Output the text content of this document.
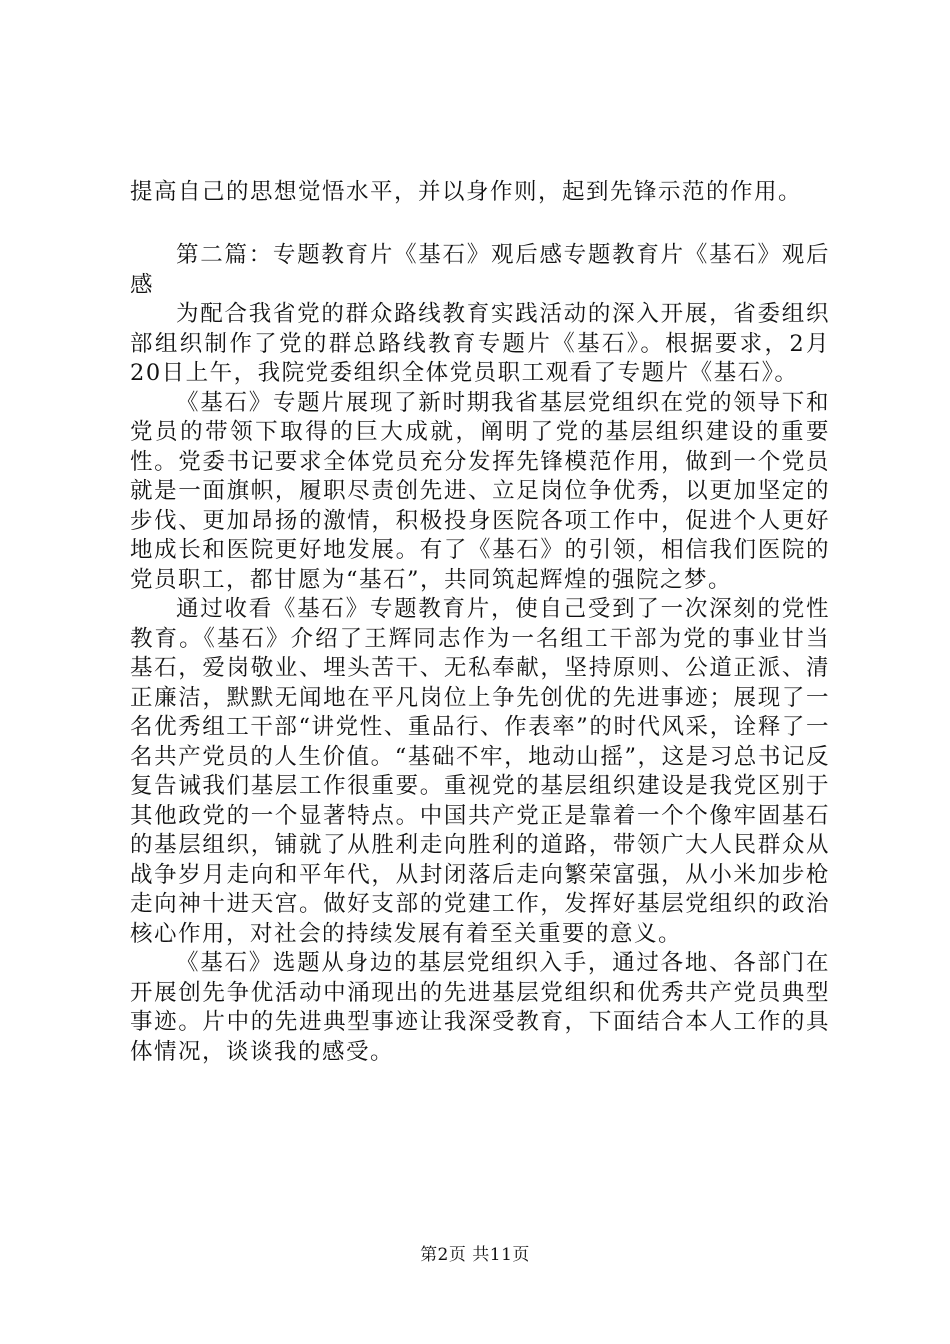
提高自己的思想觉悟水平，并以身作则，起到先锋示范的作用。

第二篇：专题教育片《基石》观后感专题教育片《基石》观后感

为配合我省党的群众路线教育实践活动的深入开展，省委组织部组织制作了党的群总路线教育专题片《基石》。根据要求，2月20日上午，我院党委组织全体党员职工观看了专题片《基石》。

《基石》专题片展现了新时期我省基层党组织在党的领导下和党员的带领下取得的巨大成就，阐明了党的基层组织建设的重要性。党委书记要求全体党员充分发挥先锋模范作用，做到一个党员就是一面旗帜，履职尽责创先进、立足岗位争优秀，以更加坚定的步伐、更加昂扬的激情，积极投身医院各项工作中，促进个人更好地成长和医院更好地发展。有了《基石》的引领，相信我们医院的党员职工，都甘愿为“基石”，共同筑起辉煌的强院之梦。

通过收看《基石》专题教育片，使自己受到了一次深刻的党性教育。《基石》介绍了王辉同志作为一名组工干部为党的事业甘当基石，爱岗敬业、埋头苦干、无私奉献，坚持原则、公道正派、清正廉洁，默默无闻地在平凡岗位上争先创优的先进事迹；展现了一名优秀组工干部“讲党性、重品行、作表率”的时代风采，诠释了一名共产党员的人生价值。“基础不牢，地动山摇”，这是习总书记反复告诫我们基层工作很重要。重视党的基层组织建设是我党区别于其他政党的一个显著特点。中国共产党正是靠着一个个像牢固基石的基层组织，铺就了从胜利走向胜利的道路，带领广大人民群众从战争岁月走向和平年代，从封闭落后走向繁荣富强，从小米加步枪走向神十进天宫。做好支部的党建工作，发挥好基层党组织的政治核心作用，对社会的持续发展有着至关重要的意义。

《基石》选题从身边的基层党组织入手，通过各地、各部门在开展创先争优活动中涌现出的先进基层党组织和优秀共产党员典型事迹。片中的先进典型事迹让我深受教育，下面结合本人工作的具体情况，谈谈我的感受。

第2页 共11页
